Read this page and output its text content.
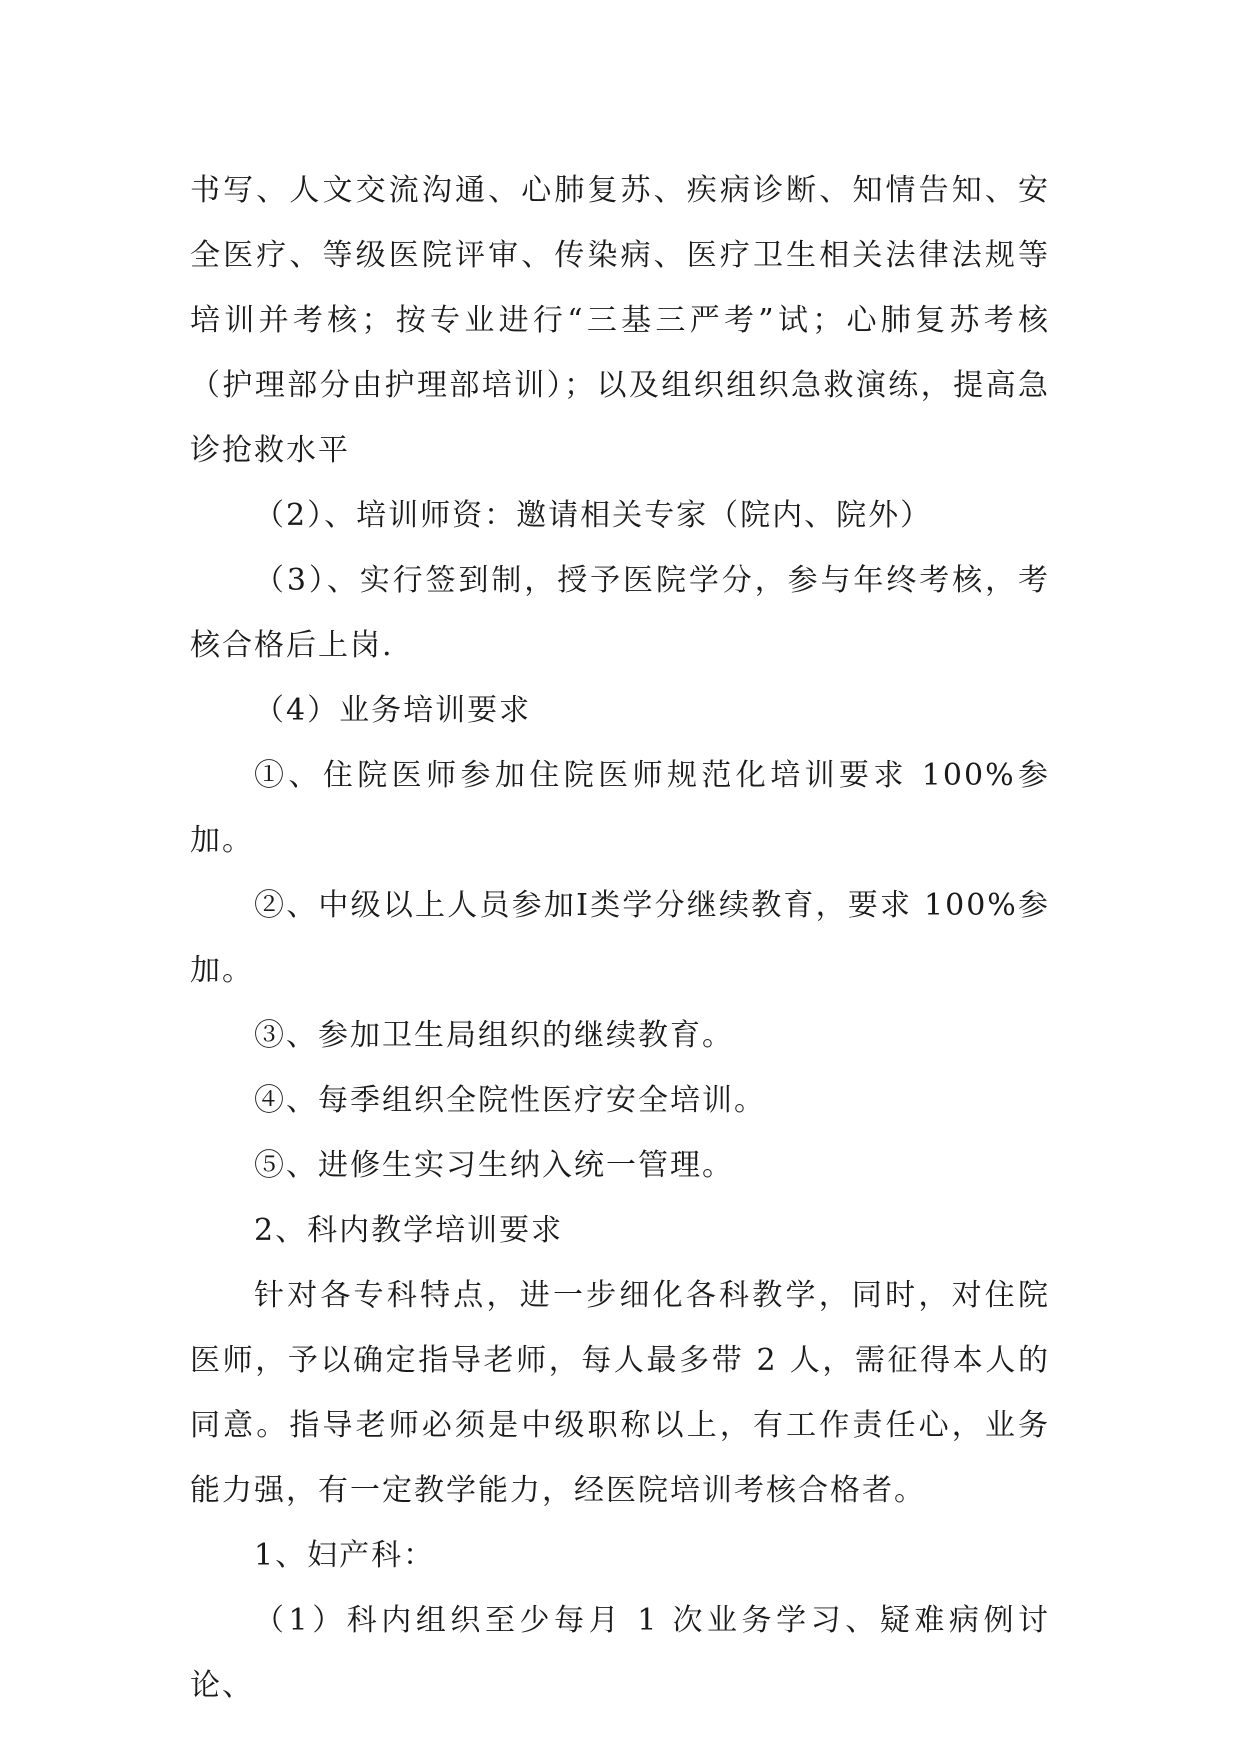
书写、人文交流沟通、心肺复苏、疾病诊断、知情告知、安全医疗、等级医院评审、传染病、医疗卫生相关法律法规等培训并考核；按专业进行“三基三严考”试；心肺复苏考核（护理部分由护理部培训）；以及组织组织急救演练，提高急诊抢救水平

（2）、培训师资：邀请相关专家（院内、院外）

（3）、实行签到制，授予医院学分，参与年终考核，考核合格后上岗.

（4）业务培训要求

①、住院医师参加住院医师规范化培训要求 100%参加。

②、中级以上人员参加Ⅰ类学分继续教育，要求 100%参加。

③、参加卫生局组织的继续教育。

④、每季组织全院性医疗安全培训。

⑤、进修生实习生纳入统一管理。

2、科内教学培训要求

针对各专科特点，进一步细化各科教学，同时，对住院医师，予以确定指导老师，每人最多带 2 人，需征得本人的同意。指导老师必须是中级职称以上，有工作责任心，业务能力强，有一定教学能力，经医院培训考核合格者。

1、妇产科：

（1）科内组织至少每月 1 次业务学习、疑难病例讨论、
